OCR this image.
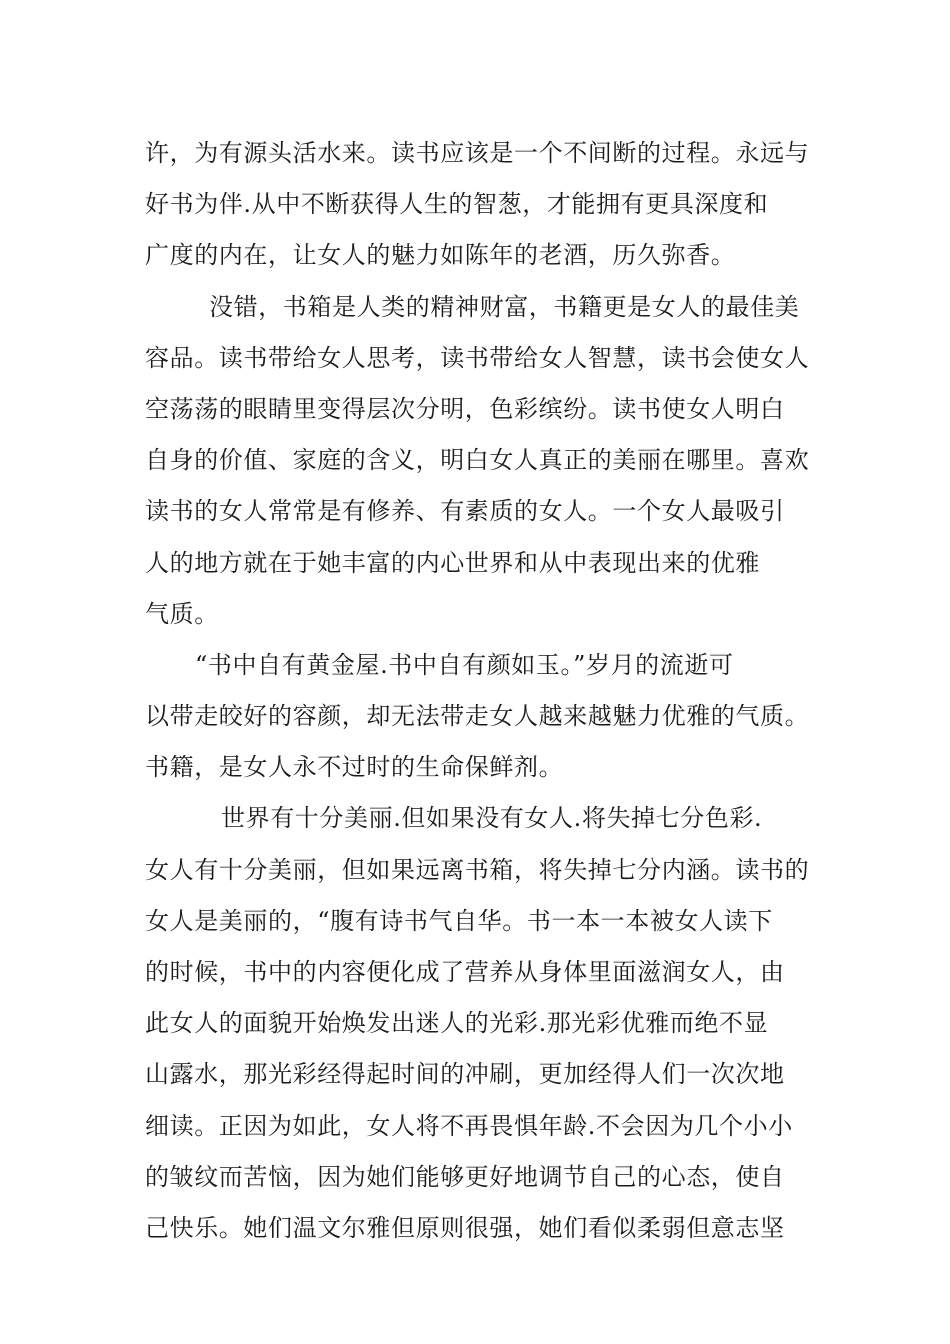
许，为有源头活水来。读书应该是一个不间断的过程。永远与
好书为伴.从中不断获得人生的智葱，才能拥有更具深度和
广度的内在，让女人的魅力如陈年的老酒，历久弥香。
没错，书箱是人类的精神财富，书籍更是女人的最佳美
容品。读书带给女人思考，读书带给女人智慧，读书会使女人
空荡荡的眼睛里变得层次分明，色彩缤纷。读书使女人明白
自身的价值、家庭的含义，明白女人真正的美丽在哪里。喜欢
读书的女人常常是有修养、有素质的女人。一个女人最吸引
人的地方就在于她丰富的内心世界和从中表现出来的优雅
气质。
“书中自有黄金屋.书中自有颜如玉。”岁月的流逝可
以带走皎好的容颜，却无法带走女人越来越魅力优雅的气质。
书籍，是女人永不过时的生命保鲜剂。
世界有十分美丽.但如果没有女人.将失掉七分色彩.
女人有十分美丽，但如果远离书箱，将失掉七分内涵。读书的
女人是美丽的，“腹有诗书气自华。书一本一本被女人读下
的时候，书中的内容便化成了营养从身体里面滋润女人，由
此女人的面貌开始焕发出迷人的光彩.那光彩优雅而绝不显
山露水，那光彩经得起时间的冲刷，更加经得人们一次次地
细读。正因为如此，女人将不再畏惧年龄.不会因为几个小小
的皱纹而苦恼，因为她们能够更好地调节自己的心态，使自
己快乐。她们温文尔雅但原则很强，她们看似柔弱但意志坚
